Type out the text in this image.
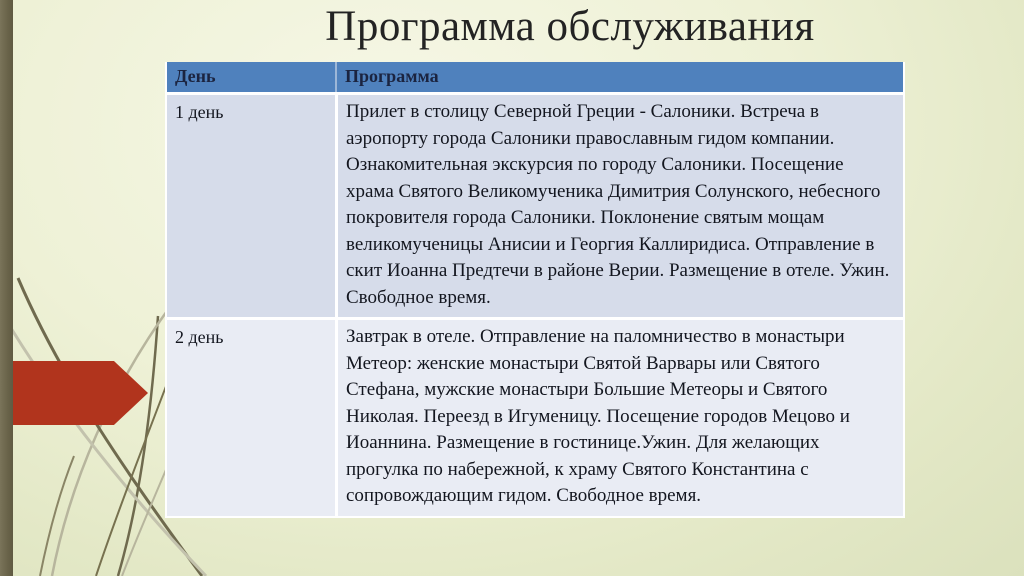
Программа обслуживания
День	Программа
1 день	Прилет в столицу Северной Греции - Салоники. Встреча в аэропорту города Салоники православным гидом компании. Ознакомительная экскурсия по городу Салоники. Посещение храма Святого Великомученика Димитрия Солунского, небесного покровителя города Салоники. Поклонение святым мощам великомученицы Анисии и Георгия Каллиридиса. Отправление в скит Иоанна Предтечи в районе Верии. Размещение в отеле. Ужин. Свободное время.
2 день	Завтрак в отеле. Отправление на паломничество в монастыри Метеор: женские монастыри Святой Варвары или Святого Стефана, мужские монастыри Большие Метеоры и Святого Николая. Переезд в Игуменицу. Посещение городов Мецово и Иоаннина. Размещение в гостинице.Ужин. Для желающих прогулка по набережной, к храму Святого Константина с сопровождающим гидом. Свободное время.
